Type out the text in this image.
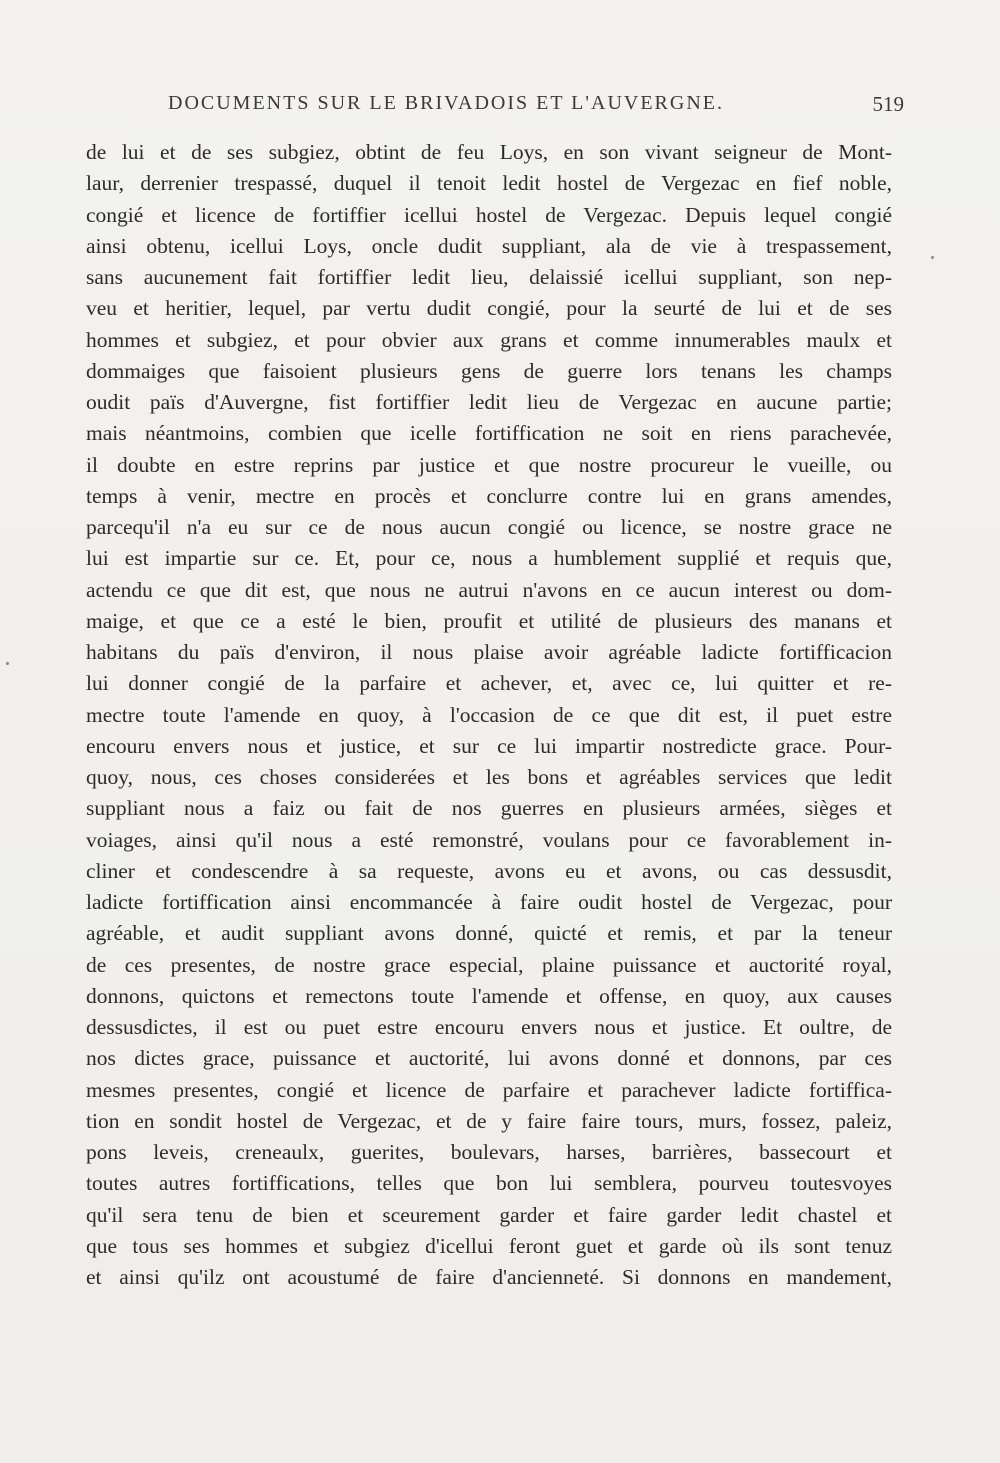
DOCUMENTS SUR LE BRIVADOIS ET L'AUVERGNE.	519
de lui et de ses subgiez, obtint de feu Loys, en son vivant seigneur de Mont-
laur, derrenier trespassé, duquel il tenoit ledit hostel de Vergezac en fief noble,
congié et licence de fortiffier icellui hostel de Vergezac. Depuis lequel congié
ainsi obtenu, icellui Loys, oncle dudit suppliant, ala de vie à trespassement,
sans aucunement fait fortiffier ledit lieu, delaissié icellui suppliant, son nep-
veu et heritier, lequel, par vertu dudit congié, pour la seurté de lui et de ses
hommes et subgiez, et pour obvier aux grans et comme innumerables maulx et
dommaiges que faisoient plusieurs gens de guerre lors tenans les champs
oudit païs d'Auvergne, fist fortiffier ledit lieu de Vergezac en aucune partie;
mais néantmoins, combien que icelle fortiffication ne soit en riens parachevée,
il doubte en estre reprins par justice et que nostre procureur le vueille, ou
temps à venir, mectre en procès et conclurre contre lui en grans amendes,
parcequ'il n'a eu sur ce de nous aucun congié ou licence, se nostre grace ne
lui est impartie sur ce. Et, pour ce, nous a humblement supplié et requis que,
actendu ce que dit est, que nous ne autrui n'avons en ce aucun interest ou dom-
maige, et que ce a esté le bien, proufit et utilité de plusieurs des manans et
habitans du païs d'environ, il nous plaise avoir agréable ladicte fortifficacion
lui donner congié de la parfaire et achever, et, avec ce, lui quitter et re-
mectre toute l'amende en quoy, à l'occasion de ce que dit est, il puet estre
encouru envers nous et justice, et sur ce lui impartir nostredicte grace. Pour-
quoy, nous, ces choses considerées et les bons et agréables services que ledit
suppliant nous a faiz ou fait de nos guerres en plusieurs armées, sièges et
voiages, ainsi qu'il nous a esté remonstré, voulans pour ce favorablement in-
cliner et condescendre à sa requeste, avons eu et avons, ou cas dessusdit,
ladicte fortiffication ainsi encommancée à faire oudit hostel de Vergezac, pour
agréable, et audit suppliant avons donné, quicté et remis, et par la teneur
de ces presentes, de nostre grace especial, plaine puissance et auctorité royal,
donnons, quictons et remectons toute l'amende et offense, en quoy, aux causes
dessusdictes, il est ou puet estre encouru envers nous et justice. Et oultre, de
nos dictes grace, puissance et auctorité, lui avons donné et donnons, par ces
mesmes presentes, congié et licence de parfaire et parachever ladicte fortiffica-
tion en sondit hostel de Vergezac, et de y faire faire tours, murs, fossez, paleiz,
pons leveis, creneaulx, guerites, boulevars, harses, barrières, bassecourt et
toutes autres fortiffications, telles que bon lui semblera, pourveu toutesvoyes
qu'il sera tenu de bien et sceurement garder et faire garder ledit chastel et
que tous ses hommes et subgiez d'icellui feront guet et garde où ils sont tenuz
et ainsi qu'ilz ont acoustumé de faire d'ancienneté. Si donnons en mandement,
